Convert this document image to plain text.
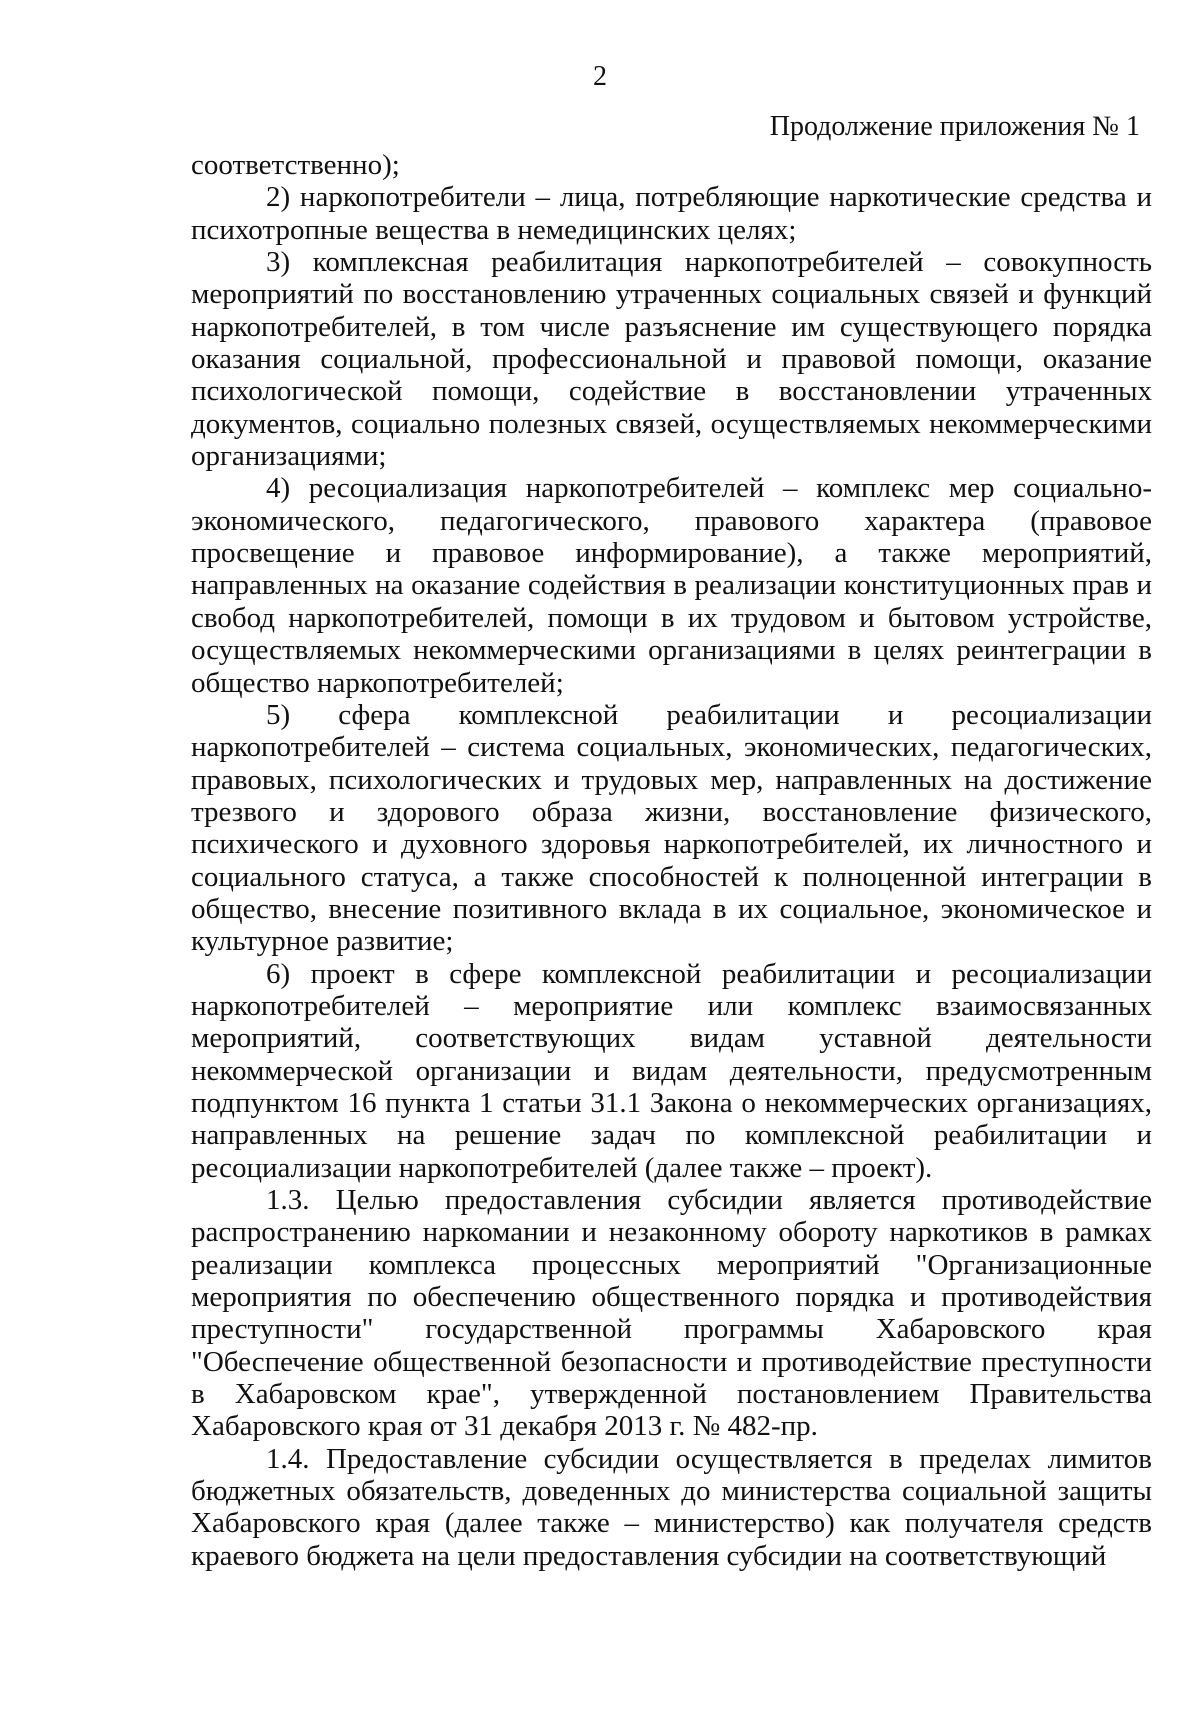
2
Продолжение приложения № 1

соответственно);

2) наркопотребители – лица, потребляющие наркотические средства и психотропные вещества в немедицинских целях;

3) комплексная реабилитация наркопотребителей – совокупность мероприятий по восстановлению утраченных социальных связей и функций наркопотребителей, в том числе разъяснение им существующего порядка оказания социальной, профессиональной и правовой помощи, оказание психологической помощи, содействие в восстановлении утраченных документов, социально полезных связей, осуществляемых некоммерческими организациями;

4) ресоциализация наркопотребителей – комплекс мер социально-экономического, педагогического, правового характера (правовое просвещение и правовое информирование), а также мероприятий, направленных на оказание содействия в реализации конституционных прав и свобод наркопотребителей, помощи в их трудовом и бытовом устройстве, осуществляемых некоммерческими организациями в целях реинтеграции в общество наркопотребителей;

5) сфера комплексной реабилитации и ресоциализации наркопотребителей – система социальных, экономических, педагогических, правовых, психологических и трудовых мер, направленных на достижение трезвого и здорового образа жизни, восстановление физического, психического и духовного здоровья наркопотребителей, их личностного и социального статуса, а также способностей к полноценной интеграции в общество, внесение позитивного вклада в их социальное, экономическое и культурное развитие;

6) проект в сфере комплексной реабилитации и ресоциализации наркопотребителей – мероприятие или комплекс взаимосвязанных мероприятий, соответствующих видам уставной деятельности некоммерческой организации и видам деятельности, предусмотренным подпунктом 16 пункта 1 статьи 31.1 Закона о некоммерческих организациях, направленных на решение задач по комплексной реабилитации и ресоциализации наркопотребителей (далее также – проект).

1.3. Целью предоставления субсидии является противодействие распространению наркомании и незаконному обороту наркотиков в рамках реализации комплекса процессных мероприятий "Организационные мероприятия по обеспечению общественного порядка и противодействия преступности" государственной программы Хабаровского края "Обеспечение общественной безопасности и противодействие преступности в Хабаровском крае", утвержденной постановлением Правительства Хабаровского края от 31 декабря 2013 г. № 482-пр.

1.4. Предоставление субсидии осуществляется в пределах лимитов бюджетных обязательств, доведенных до министерства социальной защиты Хабаровского края (далее также – министерство) как получателя средств краевого бюджета на цели предоставления субсидии на соответствующий
